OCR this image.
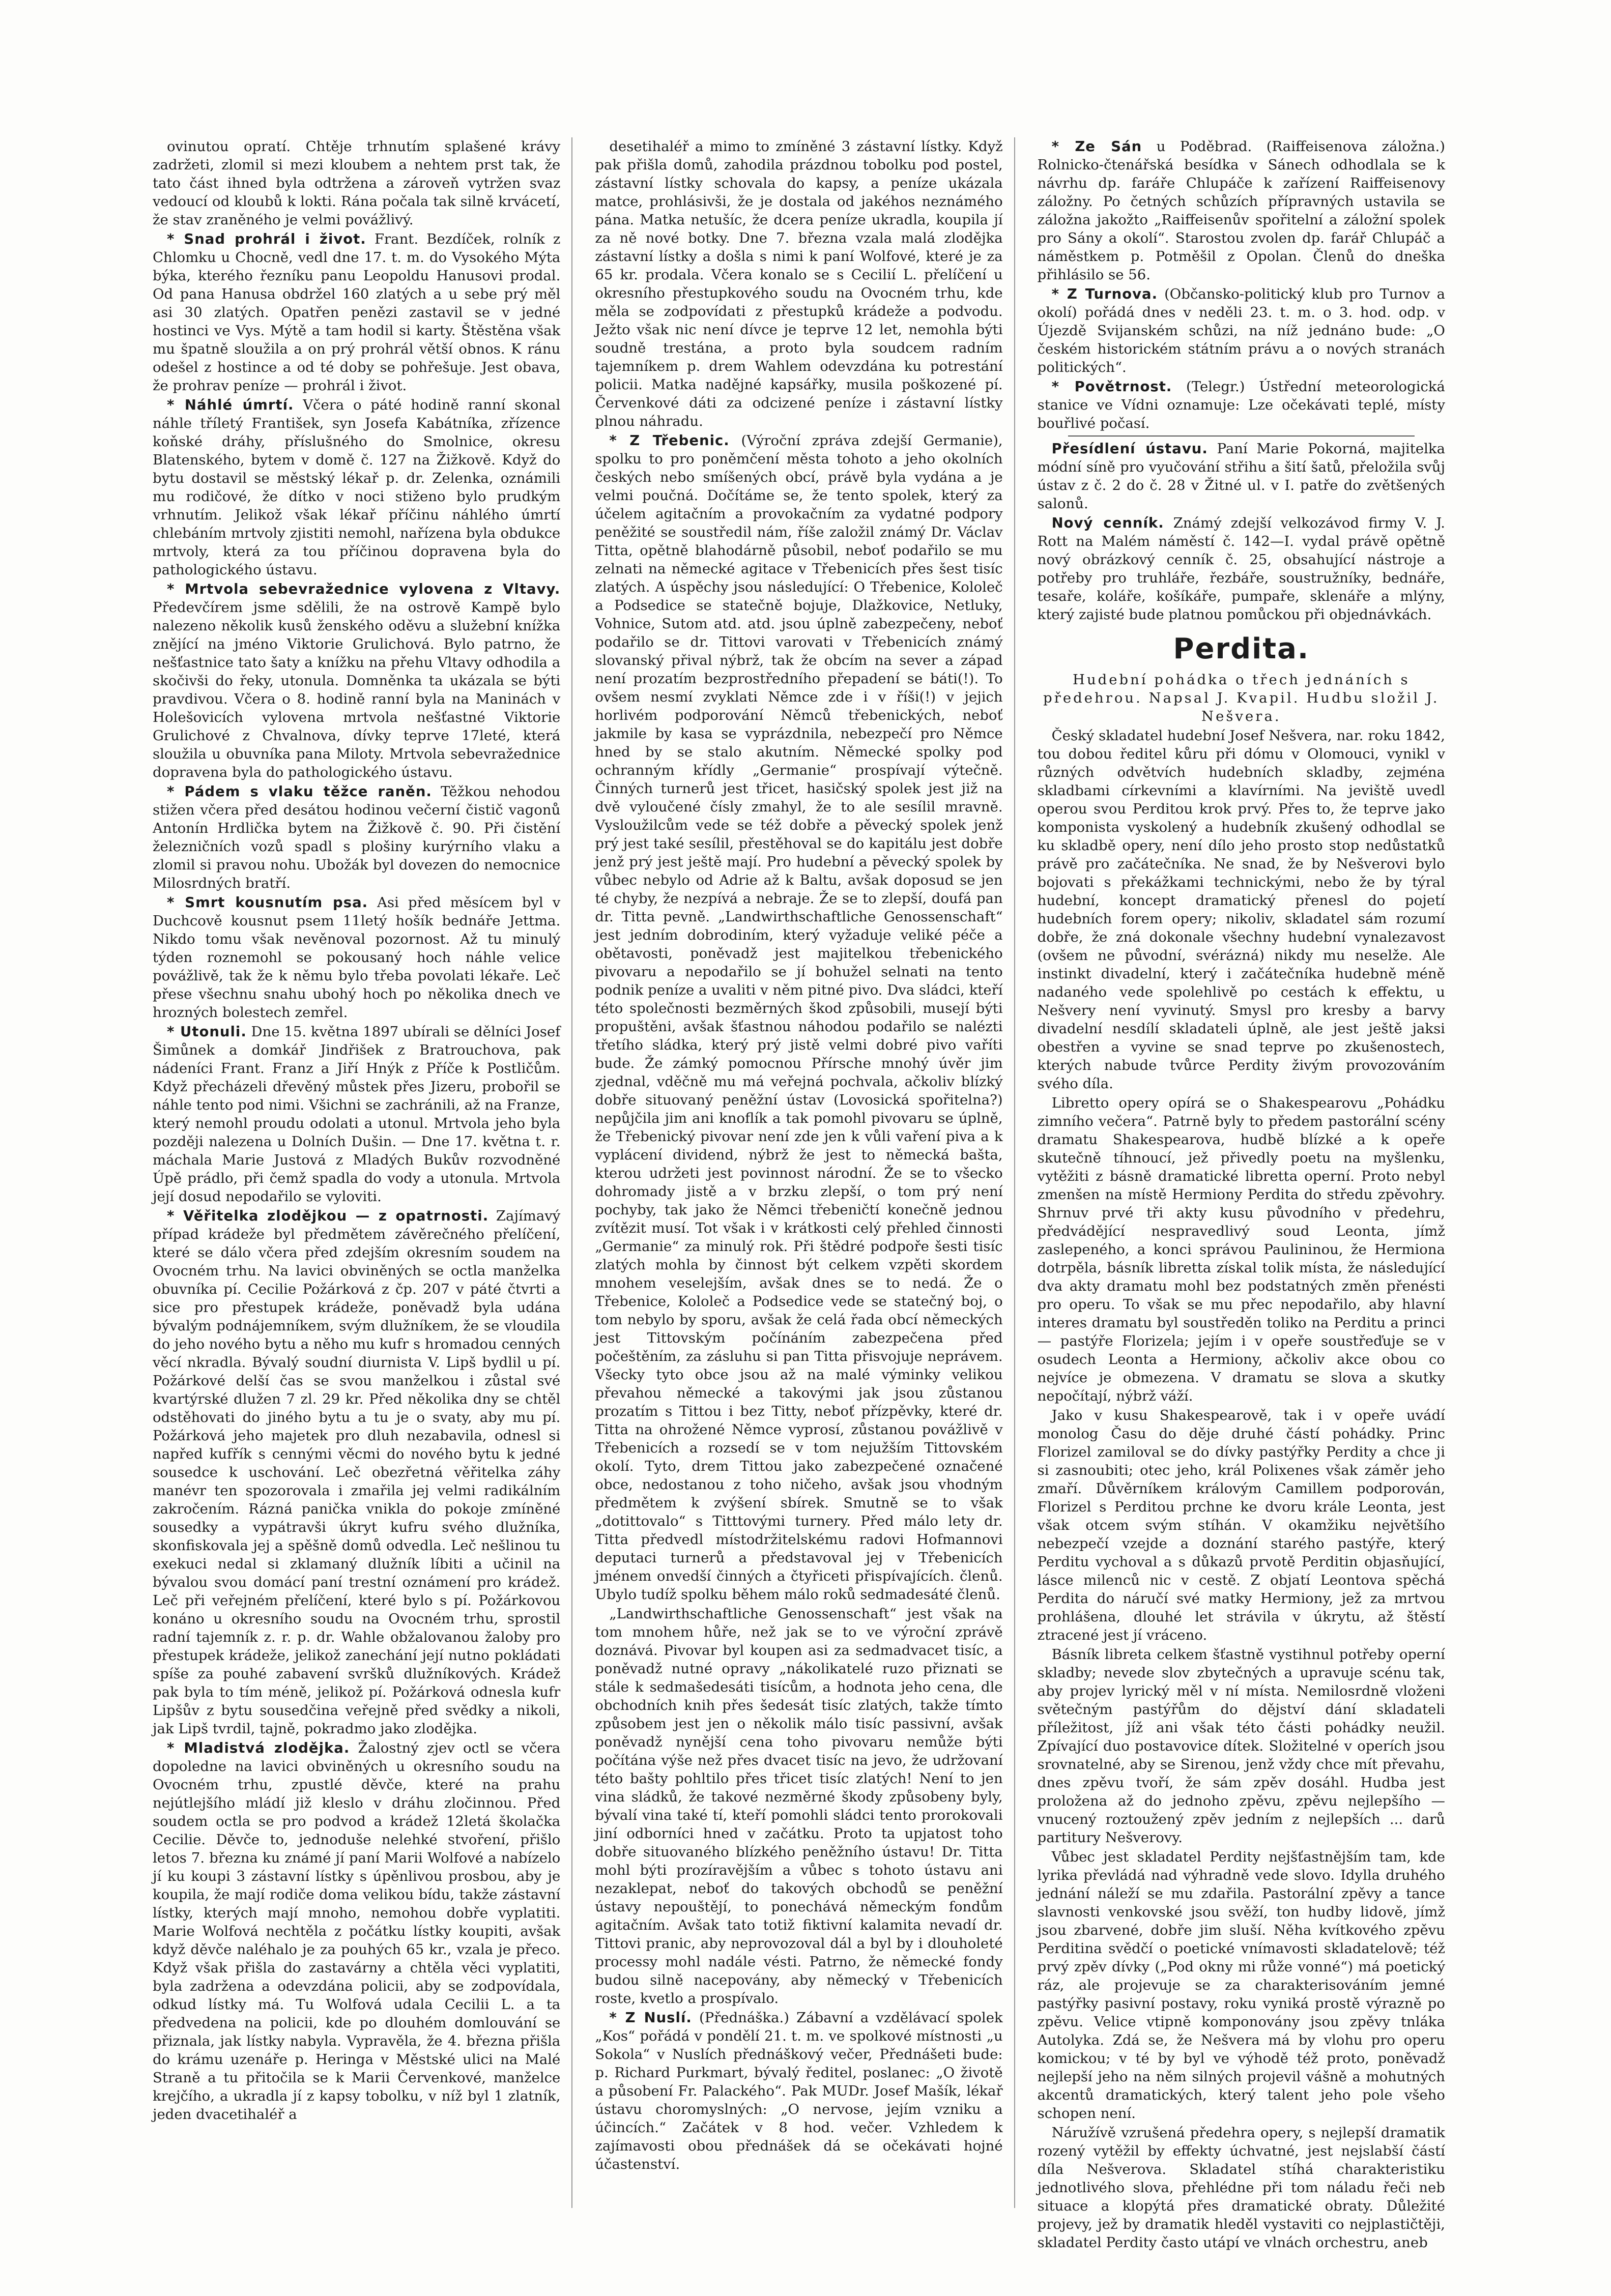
ovinutou opratí. Chtěje trhnutím splašené krávy zadržeti, zlomil si mezi kloubem a nehtem prst tak, že tato část ihned byla odtržena a zároveň vytržen svaz vedoucí od kloubů k lokti. Rána počala tak silně krvácetí, že stav zraněného je velmi povážlivý.

* Snad prohrál i život. Frant. Bezdíček, rolník z Chlomku u Chocně, vedl dne 17. t. m. do Vysokého Mýta býka, kterého řezníku panu Leopoldu Hanusovi prodal. Od pana Hanusa obdržel 160 zlatých a u sebe prý měl asi 30 zlatých. Opatřen penězi zastavil se v jedné hostinci ve Vys. Mýtě a tam hodil si karty. Štěstěna však mu špatně sloužila a on prý prohrál větší obnos. K ránu odešel z hostince a od té doby se pohřešuje. Jest obava, že prohrav peníze — prohrál i život.

* Náhlé úmrtí. Včera o páté hodině ranní skonal náhle tříletý František, syn Josefa Kabátníka, zřízence koňské dráhy, příslušného do Smolnice, okresu Blatenského, bytem v domě č. 127 na Žižkově. Když do bytu dostavil se městský lékař p. dr. Zelenka, oznámili mu rodičové, že dítko v noci stiženo bylo prudkým vrhnutím. Jelikož však lékař příčinu náhlého úmrtí chlebáním mrtvoly zjistiti nemohl, nařízena byla obdukce mrtvoly, která za tou příčinou dopravena byla do pathologického ústavu.

* Mrtvola sebevražednice vylovena z Vltavy. Předevčírem jsme sdělili, že na ostrově Kampě bylo nalezeno několik kusů ženského oděvu a služební knížka znějící na jméno Viktorie Grulichová. Bylo patrno, že nešťastnice tato šaty a knížku na přehu Vltavy odhodila a skočivši do řeky, utonula. Domněnka ta ukázala se býti pravdivou. Včera o 8. hodině ranní byla na Maninách v Holešovicích vylovena mrtvola nešťastné Viktorie Grulichové z Chvalnova, dívky teprve 17leté, která sloužila u obuvníka pana Miloty. Mrtvola sebevražednice dopravena byla do pathologického ústavu.

* Pádem s vlaku těžce raněn. Těžkou nehodou stižen včera před desátou hodinou večerní čistič vagonů Antonín Hrdlička bytem na Žižkově č. 90. Při čistění železničních vozů spadl s plošiny kurýrního vlaku a zlomil si pravou nohu. Ubožák byl dovezen do nemocnice Milosrdných bratří.

* Smrt kousnutím psa. Asi před měsícem byl v Duchcově kousnut psem 11letý hošík bednáře Jettma. Nikdo tomu však nevěnoval pozornost. Až tu minulý týden roznemohl se pokousaný hoch náhle velice povážlivě, tak že k němu bylo třeba povolati lékaře. Leč přese všechnu snahu ubohý hoch po několika dnech ve hrozných bolestech zemřel.

* Utonuli. Dne 15. května 1897 ubírali se dělníci Josef Šimůnek a domkář Jindřišek z Bratrouchova, pak nádeníci Frant. Franz a Jiří Hnýk z Příče k Postličům. Když přecházeli dřevěný můstek přes Jizeru, probořil se náhle tento pod nimi. Všichni se zachránili, až na Franze, který nemohl proudu odolati a utonul. Mrtvola jeho byla později nalezena u Dolních Dušin. — Dne 17. května t. r. máchala Marie Justová z Mladých Bukův rozvodněné Úpě prádlo, při čemž spadla do vody a utonula. Mrtvola její dosud nepodařilo se vyloviti.

* Věřitelka zlodějkou — z opatrnosti. Zajímavý případ krádeže byl předmětem závěrečného přelíčení, které se dálo včera před zdejším okresním soudem na Ovocném trhu. Na lavici obviněných se octla manželka obuvníka pí. Cecilie Požárková z čp. 207 v páté čtvrti a sice pro přestupek krádeže, poněvadž byla udána bývalým podnájemníkem, svým dlužníkem, že se vloudila do jeho nového bytu a něho mu kufr s hromadou cenných věcí nkradla. Bývalý soudní diurnista V. Lipš bydlil u pí. Požárkové delší čas se svou manželkou i zůstal své kvartýrské dlužen 7 zl. 29 kr. Před několika dny se chtěl odstěhovati do jiného bytu a tu je o svaty, aby mu pí. Požárková jeho majetek pro dluh nezabavila, odnesl si napřed kufřík s cennými věcmi do nového bytu k jedné sousedce k uschování. Leč obezřetná věřitelka záhy manévr ten spozorovala i zmařila jej velmi radikálním zakročením. Rázná panička vnikla do pokoje zmíněné sousedky a vypátravši úkryt kufru svého dlužníka, skonfiskovala jej a spěšně domů odvedla. Leč nešlinou tu exekuci nedal si zklamaný dlužník líbiti a učinil na bývalou svou domácí paní trestní oznámení pro krádež. Leč při veřejném přelíčení, které bylo s pí. Požárkovou konáno u okresního soudu na Ovocném trhu, sprostil radní tajemník z. r. p. dr. Wahle obžalovanou žaloby pro přestupek krádeže, jelikož zanechání její nutno pokládati spíše za pouhé zabavení svršků dlužníkových. Krádež pak byla to tím méně, jelikož pí. Požárková odnesla kufr Lipšův z bytu sousedčina veřejně před svědky a nikoli, jak Lipš tvrdil, tajně, pokradmo jako zlodějka.

* Mladistvá zlodějka. Žalostný zjev octl se včera dopoledne na lavici obviněných u okresního soudu na Ovocném trhu, zpustlé děvče, které na prahu nejútlejšího mládí již kleslo v dráhu zločinnou. Před soudem octla se pro podvod a krádež 12letá školačka Cecilie. Děvče to, jednoduše nelehké stvoření, přišlo letos 7. března ku známé jí paní Marii Wolfové a nabízelo jí ku koupi 3 zástavní lístky s úpěnlivou prosbou, aby je koupila, že mají rodiče doma velikou bídu, takže zástavní lístky, kterých mají mnoho, nemohou dobře vyplatiti. Marie Wolfová nechtěla z počátku lístky koupiti, avšak když děvče naléhalo je za pouhých 65 kr., vzala je přeco. Když však přišla do zastavárny a chtěla věci vyplatiti, byla zadržena a odevzdána policii, aby se zodpovídala, odkud lístky má. Tu Wolfová udala Cecilii L. a ta předvedena na policii, kde po dlouhém domlouvání se přiznala, jak lístky nabyla. Vypravěla, že 4. března přišla do krámu uzenáře p. Heringa v Městské ulici na Malé Straně a tu přitočila se k Marii Červenkové, manželce krejčího, a ukradla jí z kapsy tobolku, v níž byl 1 zlatník, jeden dvacetihaléř a

desetihaléř a mimo to zmíněné 3 zástavní lístky. Když pak přišla domů, zahodila prázdnou tobolku pod postel, zástavní lístky schovala do kapsy, a peníze ukázala matce, prohlásivši, že je dostala od jakéhos neznámého pána. Matka netušíc, že dcera peníze ukradla, koupila jí za ně nové botky. Dne 7. března vzala malá zlodějka zástavní lístky a došla s nimi k paní Wolfové, které je za 65 kr. prodala. Včera konalo se s Cecilií L. přelíčení u okresního přestupkového soudu na Ovocném trhu, kde měla se zodpovídati z přestupků krádeže a podvodu. Ježto však nic není dívce je teprve 12 let, nemohla býti soudně trestána, a proto byla soudcem radním tajemníkem p. drem Wahlem odevzdána ku potrestání policii. Matka nadějné kapsářky, musila poškozené pí. Červenkové dáti za odcizené peníze i zástavní lístky plnou náhradu.

* Z Třebenic. (Výroční zpráva zdejší Germanie), spolku to pro poněmčení města tohoto a jeho okolních českých nebo smíšených obcí, právě byla vydána a je velmi poučná. Dočítáme se, že tento spolek, který za účelem agitačním a provokačním za vydatné podpory peněžité se soustředil nám, říše založil známý Dr. Václav Titta, opětně blahodárně působil, neboť podařilo se mu zelnati na německé agitace v Třebenicích přes šest tisíc zlatých. A úspěchy jsou následující: O Třebenice, Kololeč a Podsedice se statečně bojuje, Dlažkovice, Netluky, Vohnice, Sutom atd. atd. jsou úplně zabezpečeny, neboť podařilo se dr. Tittovi varovati v Třebenicích známý slovanský přival nýbrž, tak že obcím na sever a západ není prozatím bezprostředního přepadení se báti(!). To ovšem nesmí zvyklati Němce zde i v říši(!) v jejich horlivém podporování Němců třebenických, neboť jakmile by kasa se vyprázdnila, nebezpečí pro Němce hned by se stalo akutním. Německé spolky pod ochranným křídly „Germanie“ prospívají výtečně. Činných turnerů jest třicet, hasičský spolek jest již na dvě vyloučené čísly zmahyl, že to ale sesílil mravně. Vysloužilcům vede se též dobře a pěvecký spolek jenž prý jest také sesílil, přestěhoval se do kapitálu jest dobře jenž prý jest ještě mají. Pro hudební a pěvecký spolek by vůbec nebylo od Adrie až k Baltu, avšak doposud se jen té chyby, že nezpívá a nebraje. Že se to zlepší, doufá pan dr. Titta pevně. „Landwirthschaftliche Genossenschaft“ jest jedním dobrodiním, který vyžaduje veliké péče a obětavosti, poněvadž jest majitelkou třebenického pivovaru a nepodařilo se jí bohužel selnati na tento podnik peníze a uvaliti v něm pitné pivo. Dva sládci, kteří této společnosti bezměrných škod způsobili, musejí býti propuštěni, avšak šťastnou náhodou podařilo se nalézti třetího sládka, který prý jistě velmi dobré pivo vaříti bude. Že zámký pomocnou Přírsche mnohý úvěr jim zjednal, vděčně mu má veřejná pochvala, ačkoliv blízký dobře situovaný peněžní ústav (Lovosická spořitelna?) nepůjčila jim ani knoflík a tak pomohl pivovaru se úplně, že Třebenický pivovar není zde jen k vůli vaření piva a k vyplácení dividend, nýbrž že jest to německá bašta, kterou udržeti jest povinnost národní. Že se to všecko dohromady jistě a v brzku zlepší, o tom prý není pochyby, tak jako že Němci třebeničtí konečně jednou zvítězit musí. Tot však i v krátkosti celý přehled činnosti „Germanie“ za minulý rok. Při štědré podpoře šesti tisíc zlatých mohla by činnost být celkem vzpěti skordem mnohem veselejším, avšak dnes se to nedá. Že o Třebenice, Kololeč a Podsedice vede se statečný boj, o tom nebylo by sporu, avšak že celá řada obcí německých jest Tittovským počínáním zabezpečena před počeštěním, za zásluhu si pan Titta přisvojuje neprávem. Všecky tyto obce jsou až na malé výminky velikou převahou německé a takovými jak jsou zůstanou prozatím s Tittou i bez Titty, neboť přízpěvky, které dr. Titta na ohrožené Němce vyprosí, zůstanou povážlivě v Třebenicích a rozsedí se v tom nejužším Tittovském okolí. Tyto, drem Tittou jako zabezpečené označené obce, nedostanou z toho ničeho, avšak jsou vhodným předmětem k zvýšení sbírek. Smutně se to však „dotittovalo“ s Titttovými turnery. Před málo lety dr. Titta předvedl místodržitelskému radovi Hofmannovi deputaci turnerů a představoval jej v Třebenicích jménem onvedší činných a čtyřiceti přispívajících. členů. Ubylo tudíž spolku během málo roků sedmadesáté členů.

„Landwirthschaftliche Genossenschaft“ jest však na tom mnohem hůře, než jak se to ve výroční zprávě doznává. Pivovar byl koupen asi za sedmadvacet tisíc, a poněvadž nutné opravy „nákolikatelé ruzo přiznati se stále k sedmašedesáti tisícům, a hodnota jeho cena, dle obchodních knih přes šedesát tisíc zlatých, takže tímto způsobem jest jen o několik málo tisíc passivní, avšak poněvadž nynější cena toho pivovaru nemůže býti počítána výše než přes dvacet tisíc na jevo, že udržovaní této bašty pohltilo přes třicet tisíc zlatých! Není to jen vina sládků, že takové nezměrné škody způsobeny byly, bývalí vina také tí, kteří pomohli sládci tento prorokovali jiní odborníci hned v začátku. Proto ta upjatost toho dobře situovaného blízkého peněžního ústavu! Dr. Titta mohl býti prozíravějším a vůbec s tohoto ústavu ani nezaklepat, neboť do takových obchodů se peněžní ústavy nepouštějí, to ponechává německým fondům agitačním. Avšak tato totiž fiktivní kalamita nevadí dr. Tittovi pranic, aby neprovozoval dál a byl by i dlouholeté processy mohl nadále vésti. Patrno, že německé fondy budou silně nacepovány, aby německý v Třebenicích roste, kvetlo a prospívalo.

* Z Nuslí. (Přednáška.) Zábavní a vzdělávací spolek „Kos“ pořádá v pondělí 21. t. m. ve spolkové místnosti „u Sokola“ v Nuslích přednáškový večer, Přednášeti bude: p. Richard Purkmart, bývalý ředitel, poslanec: „O životě a působení Fr. Palackého“. Pak MUDr. Josef Mašík, lékař ústavu choromyslných: „O nervose, jejím vzniku a účincích.“ Začátek v 8 hod. večer. Vzhledem k zajímavosti obou přednášek dá se očekávati hojné účastenství.

* Ze Sán u Poděbrad. (Raiffeisenova záložna.) Rolnicko-čtenářská besídka v Sánech odhodlala se k návrhu dp. faráře Chlupáče k zařízení Raiffeisenovy záložny. Po četných schůzích přípravných ustavila se záložna jakožto „Raiffeisenův spořitelní a záložní spolek pro Sány a okolí“. Starostou zvolen dp. farář Chlupáč a náměstkem p. Potměšil z Opolan. Členů do dneška přihlásilo se 56.

* Z Turnova. (Občansko-politický klub pro Turnov a okolí) pořádá dnes v neděli 23. t. m. o 3. hod. odp. v Újezdě Svijanském schůzi, na níž jednáno bude: „O českém historickém státním právu a o nových stranách politických“.

* Povětrnost. (Telegr.) Ústřední meteorologická stanice ve Vídni oznamuje: Lze očekávati teplé, místy bouřlivé počasí.

Přesídlení ústavu. Paní Marie Pokorná, majitelka módní síně pro vyučování střihu a šití šatů, přeložila svůj ústav z č. 2 do č. 28 v Žitné ul. v I. patře do zvětšených salonů.

Nový cenník. Známý zdejší velkozávod firmy V. J. Rott na Malém náměstí č. 142—I. vydal právě opětně nový obrázkový cenník č. 25, obsahující nástroje a potřeby pro truhláře, řezbáře, soustružníky, bednáře, tesaře, koláře, košíkáře, pumpaře, sklenáře a mlýny, který zajisté bude platnou pomůckou při objednávkách.

Perdita.

Hudební pohádka o třech jednáních s předehrou. Napsal J. Kvapil. Hudbu složil J. Nešvera.

Český skladatel hudební Josef Nešvera, nar. roku 1842, tou dobou ředitel kůru při dómu v Olomouci, vynikl v různých odvětvích hudebních skladby, zejména skladbami církevními a klavírními. Na jeviště uvedl operou svou Perditou krok prvý. Přes to, že teprve jako komponista vyskolený a hudebník zkušený odhodlal se ku skladbě opery, není dílo jeho prosto stop nedůstatků právě pro začátečníka. Ne snad, že by Nešverovi bylo bojovati s překážkami technickými, nebo že by týral hudební, koncept dramatický přenesl do pojetí hudebních forem opery; nikoliv, skladatel sám rozumí dobře, že zná dokonale všechny hudební vynalezavost (ovšem ne původní, svérázná) nikdy mu neselže. Ale instinkt divadelní, který i začátečníka hudebně méně nadaného vede spolehlivě po cestách k effektu, u Nešvery není vyvinutý. Smysl pro kresby a barvy divadelní nesdílí skladateli úplně, ale jest ještě jaksi obestřen a vyvine se snad teprve po zkušenostech, kterých nabude tvůrce Perdity živým provozováním svého díla.

Libretto opery opírá se o Shakespearovu „Pohádku zimního večera“. Patrně byly to předem pastorální scény dramatu Shakespearova, hudbě blízké a k opeře skutečně tíhnoucí, jež přivedly poetu na myšlenku, vytěžiti z básně dramatické libretta operní. Proto nebyl zmenšen na místě Hermiony Perdita do středu zpěvohry. Shrnuv prvé tři akty kusu původního v předehru, předvádějící nespravedlivý soud Leonta, jímž zaslepeného, a konci správou Paulininou, že Hermiona dotrpěla, básník libretta získal tolik místa, že následující dva akty dramatu mohl bez podstatných změn přenésti pro operu. To však se mu přec nepodařilo, aby hlavní interes dramatu byl soustředěn toliko na Perditu a princi — pastýře Florizela; jejím i v opeře soustřeďuje se v osudech Leonta a Hermiony, ačkoliv akce obou co nejvíce je obmezena. V dramatu se slova a skutky nepočítají, nýbrž váží.

Jako v kusu Shakespearově, tak i v opeře uvádí monolog Času do děje druhé částí pohádky. Princ Florizel zamiloval se do dívky pastýřky Perdity a chce ji si zasnoubiti; otec jeho, král Polixenes však záměr jeho zmaří. Důvěrníkem královým Camillem podporován, Florizel s Perditou prchne ke dvoru krále Leonta, jest však otcem svým stíhán. V okamžiku největšího nebezpečí vzejde a doznání starého pastýře, který Perditu vychoval a s důkazů prvotě Perditin objasňující, lásce milenců nic v cestě. Z objatí Leontova spěchá Perdita do náručí své matky Hermiony, jež za mrtvou prohlášena, dlouhé let strávila v úkrytu, až štěstí ztracené jest jí vráceno.

Básník libreta celkem šťastně vystihnul potřeby operní skladby; nevede slov zbytečných a upravuje scénu tak, aby projev lyrický měl v ní místa. Nemilosrdně vloženi světečným pastýřům do dějství dání skladateli příležitost, jíž ani však této části pohádky neužil. Zpívající duo postavovice dítek. Složitelné v operích jsou srovnatelné, aby se Sirenou, jenž vždy chce mít převahu, dnes zpěvu tvoří, že sám zpěv dosáhl. Hudba jest proložena až do jednoho zpěvu, zpěvu nejlepšího — vnucený roztoužený zpěv jedním z nejlepších ... darů partitury Nešverovy.

Vůbec jest skladatel Perdity nejšťastnějším tam, kde lyrika převládá nad výhradně vede slovo. Idylla druhého jednání náleží se mu zdařila. Pastorální zpěvy a tance slavnosti venkovské jsou svěží, ton hudby lidově, jímž jsou zbarvené, dobře jim sluší. Něha kvítkového zpěvu Perditina svědčí o poetické vnímavosti skladatelově; též prvý zpěv dívky („Pod okny mi růže vonné“) má poetický ráz, ale projevuje se za charakterisováním jemné pastýřky pasivní postavy, roku vyniká prostě výrazně po zpěvu. Velice vtipně komponovány jsou zpěvy tnláka Autolyka. Zdá se, že Nešvera má by vlohu pro operu komickou; v té by byl ve výhodě též proto, poněvadž nejlepší jeho na něm silných projevil vášně a mohutných akcentů dramatických, který talent jeho pole všeho schopen není.

Náružívě vzrušená předehra opery, s nejlepší dramatik rozený vytěžil by effekty úchvatné, jest nejslabší částí díla Nešverova. Skladatel stíhá charakteristiku jednotlivého slova, přehlédne při tom náladu řeči neb situace a klopýtá přes dramatické obraty. Důležité projevy, jež by dramatik hleděl vystaviti co nejplastičtěji, skladatel Perdity často utápí ve vlnách orchestru, aneb
